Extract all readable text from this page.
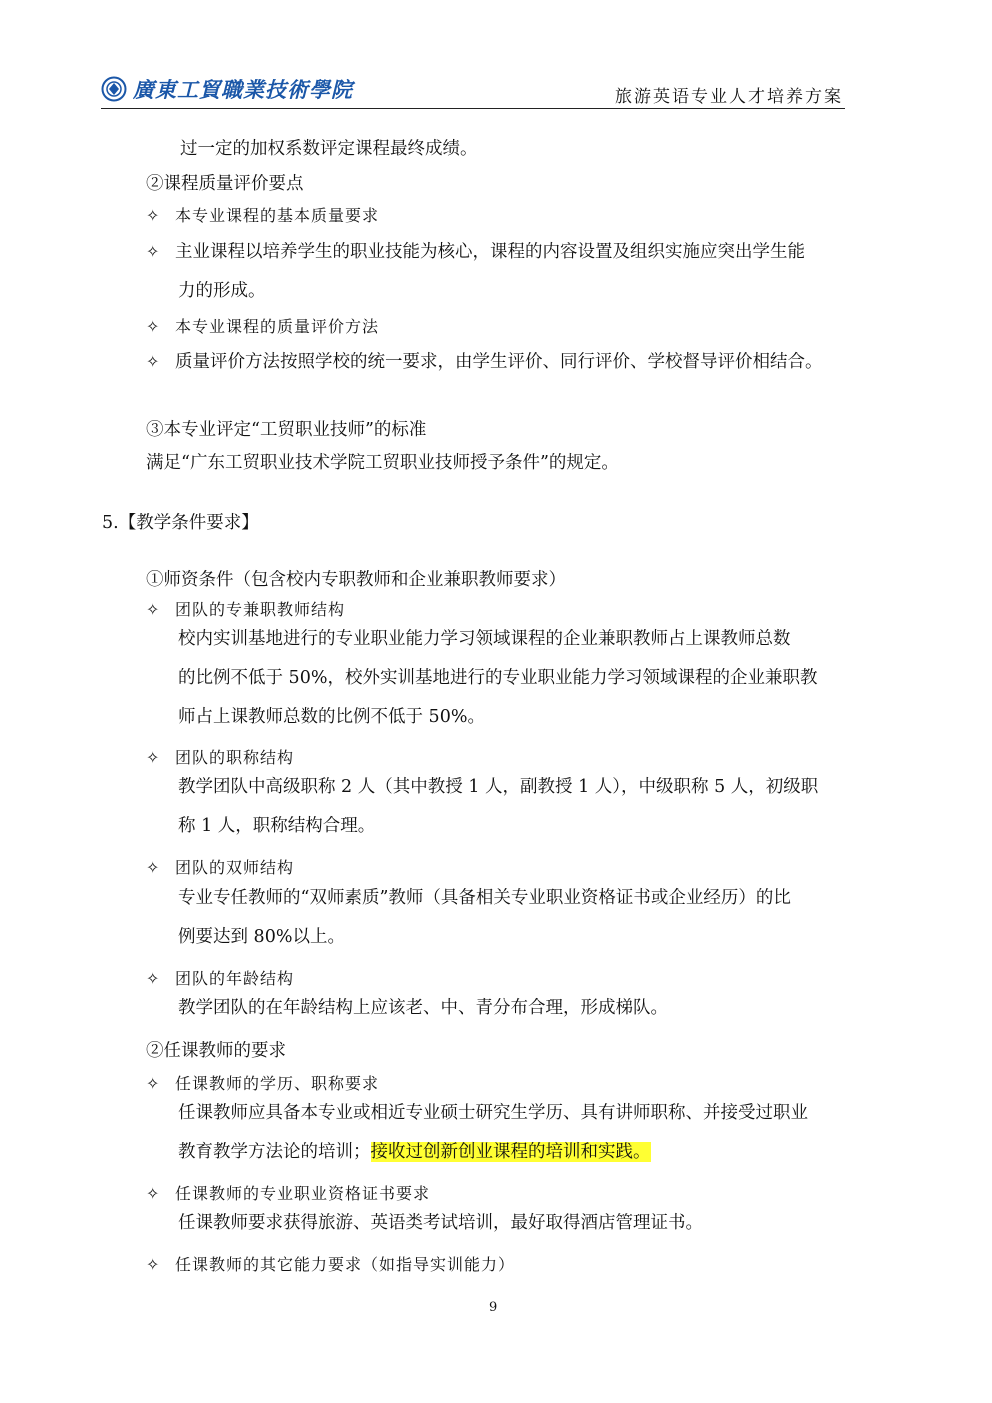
廣東工貿職業技術學院	旅游英语专业人才培养方案
过一定的加权系数评定课程最终成绩。
②课程质量评价要点
✧ 本专业课程的基本质量要求
✧ 主业课程以培养学生的职业技能为核心，课程的内容设置及组织实施应突出学生能
力的形成。
✧ 本专业课程的质量评价方法
✧ 质量评价方法按照学校的统一要求，由学生评价、同行评价、学校督导评价相结合。
③本专业评定“工贸职业技师”的标准
满足“广东工贸职业技术学院工贸职业技师授予条件”的规定。
5.【教学条件要求】
①师资条件（包含校内专职教师和企业兼职教师要求）
✧ 团队的专兼职教师结构
校内实训基地进行的专业职业能力学习领域课程的企业兼职教师占上课教师总数
的比例不低于 50%，校外实训基地进行的专业职业能力学习领域课程的企业兼职教
师占上课教师总数的比例不低于 50%。
✧ 团队的职称结构
教学团队中高级职称 2 人（其中教授 1 人，副教授 1 人），中级职称 5 人，初级职
称 1 人，职称结构合理。
✧ 团队的双师结构
专业专任教师的“双师素质”教师（具备相关专业职业资格证书或企业经历）的比
例要达到 80%以上。
✧ 团队的年龄结构
教学团队的在年龄结构上应该老、中、青分布合理，形成梯队。
②任课教师的要求
✧ 任课教师的学历、职称要求
任课教师应具备本专业或相近专业硕士研究生学历、具有讲师职称、并接受过职业
教育教学方法论的培训；接收过创新创业课程的培训和实践。
✧ 任课教师的专业职业资格证书要求
任课教师要求获得旅游、英语类考试培训，最好取得酒店管理证书。
✧ 任课教师的其它能力要求（如指导实训能力）
9
